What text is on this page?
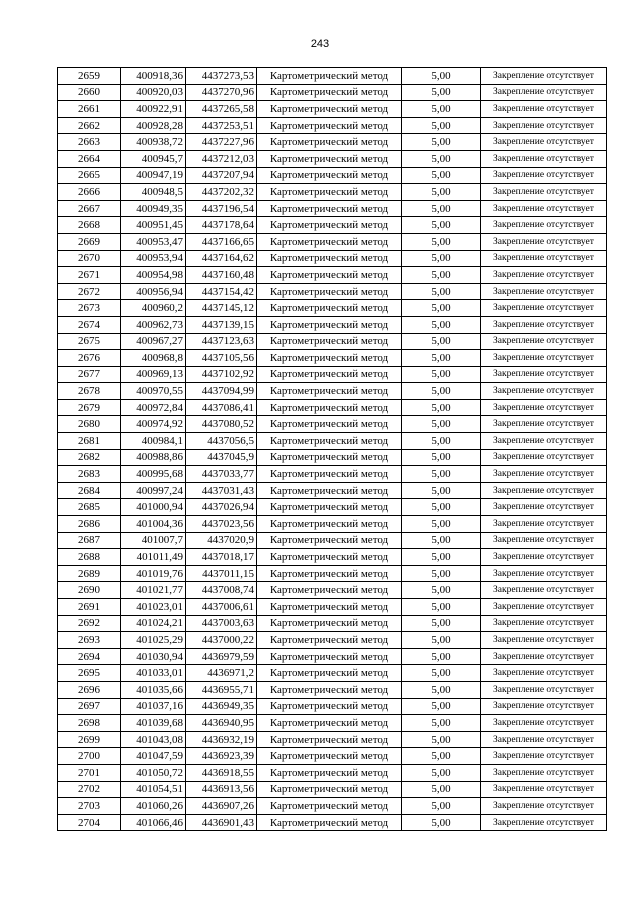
243
2659	400918,36	4437273,53	Картометрический метод	5,00	Закрепление отсутствует
2660	400920,03	4437270,96	Картометрический метод	5,00	Закрепление отсутствует
2661	400922,91	4437265,58	Картометрический метод	5,00	Закрепление отсутствует
2662	400928,28	4437253,51	Картометрический метод	5,00	Закрепление отсутствует
2663	400938,72	4437227,96	Картометрический метод	5,00	Закрепление отсутствует
2664	400945,7	4437212,03	Картометрический метод	5,00	Закрепление отсутствует
2665	400947,19	4437207,94	Картометрический метод	5,00	Закрепление отсутствует
2666	400948,5	4437202,32	Картометрический метод	5,00	Закрепление отсутствует
2667	400949,35	4437196,54	Картометрический метод	5,00	Закрепление отсутствует
2668	400951,45	4437178,64	Картометрический метод	5,00	Закрепление отсутствует
2669	400953,47	4437166,65	Картометрический метод	5,00	Закрепление отсутствует
2670	400953,94	4437164,62	Картометрический метод	5,00	Закрепление отсутствует
2671	400954,98	4437160,48	Картометрический метод	5,00	Закрепление отсутствует
2672	400956,94	4437154,42	Картометрический метод	5,00	Закрепление отсутствует
2673	400960,2	4437145,12	Картометрический метод	5,00	Закрепление отсутствует
2674	400962,73	4437139,15	Картометрический метод	5,00	Закрепление отсутствует
2675	400967,27	4437123,63	Картометрический метод	5,00	Закрепление отсутствует
2676	400968,8	4437105,56	Картометрический метод	5,00	Закрепление отсутствует
2677	400969,13	4437102,92	Картометрический метод	5,00	Закрепление отсутствует
2678	400970,55	4437094,99	Картометрический метод	5,00	Закрепление отсутствует
2679	400972,84	4437086,41	Картометрический метод	5,00	Закрепление отсутствует
2680	400974,92	4437080,52	Картометрический метод	5,00	Закрепление отсутствует
2681	400984,1	4437056,5	Картометрический метод	5,00	Закрепление отсутствует
2682	400988,86	4437045,9	Картометрический метод	5,00	Закрепление отсутствует
2683	400995,68	4437033,77	Картометрический метод	5,00	Закрепление отсутствует
2684	400997,24	4437031,43	Картометрический метод	5,00	Закрепление отсутствует
2685	401000,94	4437026,94	Картометрический метод	5,00	Закрепление отсутствует
2686	401004,36	4437023,56	Картометрический метод	5,00	Закрепление отсутствует
2687	401007,7	4437020,9	Картометрический метод	5,00	Закрепление отсутствует
2688	401011,49	4437018,17	Картометрический метод	5,00	Закрепление отсутствует
2689	401019,76	4437011,15	Картометрический метод	5,00	Закрепление отсутствует
2690	401021,77	4437008,74	Картометрический метод	5,00	Закрепление отсутствует
2691	401023,01	4437006,61	Картометрический метод	5,00	Закрепление отсутствует
2692	401024,21	4437003,63	Картометрический метод	5,00	Закрепление отсутствует
2693	401025,29	4437000,22	Картометрический метод	5,00	Закрепление отсутствует
2694	401030,94	4436979,59	Картометрический метод	5,00	Закрепление отсутствует
2695	401033,01	4436971,2	Картометрический метод	5,00	Закрепление отсутствует
2696	401035,66	4436955,71	Картометрический метод	5,00	Закрепление отсутствует
2697	401037,16	4436949,35	Картометрический метод	5,00	Закрепление отсутствует
2698	401039,68	4436940,95	Картометрический метод	5,00	Закрепление отсутствует
2699	401043,08	4436932,19	Картометрический метод	5,00	Закрепление отсутствует
2700	401047,59	4436923,39	Картометрический метод	5,00	Закрепление отсутствует
2701	401050,72	4436918,55	Картометрический метод	5,00	Закрепление отсутствует
2702	401054,51	4436913,56	Картометрический метод	5,00	Закрепление отсутствует
2703	401060,26	4436907,26	Картометрический метод	5,00	Закрепление отсутствует
2704	401066,46	4436901,43	Картометрический метод	5,00	Закрепление отсутствует
